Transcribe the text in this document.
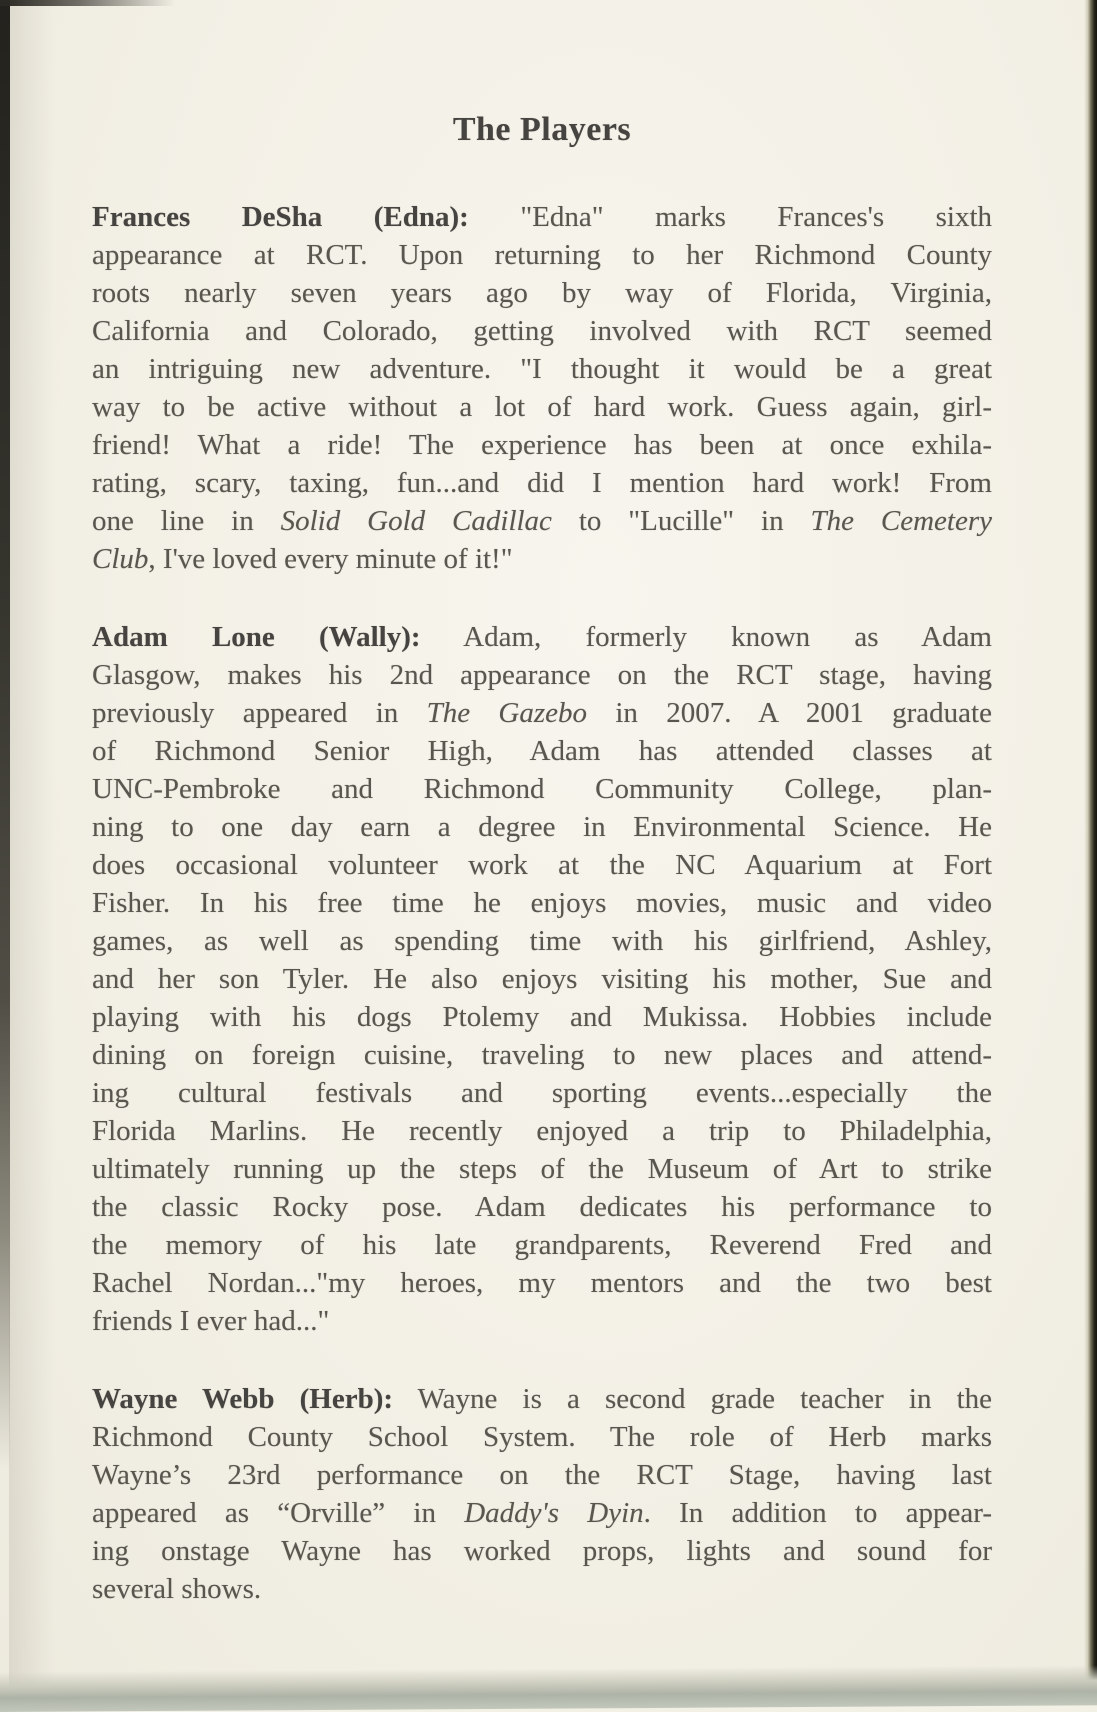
The Players
Frances DeSha (Edna): "Edna" marks Frances's sixth
appearance at RCT. Upon returning to her Richmond County
roots nearly seven years ago by way of Florida, Virginia,
California and Colorado, getting involved with RCT seemed
an intriguing new adventure. "I thought it would be a great
way to be active without a lot of hard work. Guess again, girl-
friend! What a ride! The experience has been at once exhila-
rating, scary, taxing, fun...and did I mention hard work! From
one line in Solid Gold Cadillac to "Lucille" in The Cemetery
Club, I've loved every minute of it!"
Adam Lone (Wally): Adam, formerly known as Adam
Glasgow, makes his 2nd appearance on the RCT stage, having
previously appeared in The Gazebo in 2007. A 2001 graduate
of Richmond Senior High, Adam has attended classes at
UNC-Pembroke and Richmond Community College, plan-
ning to one day earn a degree in Environmental Science. He
does occasional volunteer work at the NC Aquarium at Fort
Fisher. In his free time he enjoys movies, music and video
games, as well as spending time with his girlfriend, Ashley,
and her son Tyler. He also enjoys visiting his mother, Sue and
playing with his dogs Ptolemy and Mukissa. Hobbies include
dining on foreign cuisine, traveling to new places and attend-
ing cultural festivals and sporting events...especially the
Florida Marlins. He recently enjoyed a trip to Philadelphia,
ultimately running up the steps of the Museum of Art to strike
the classic Rocky pose. Adam dedicates his performance to
the memory of his late grandparents, Reverend Fred and
Rachel Nordan..."my heroes, my mentors and the two best
friends I ever had..."
Wayne Webb (Herb): Wayne is a second grade teacher in the
Richmond County School System. The role of Herb marks
Wayne’s 23rd performance on the RCT Stage, having last
appeared as “Orville” in Daddy's Dyin. In addition to appear-
ing onstage Wayne has worked props, lights and sound for
several shows.
